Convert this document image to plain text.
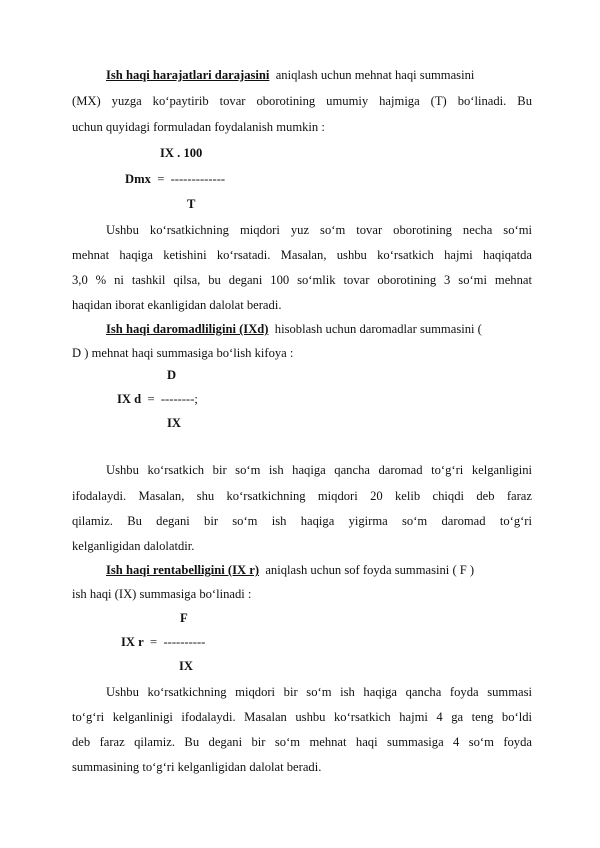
Ish haqi harajatlari darajasini aniqlash uchun mehnat haqi summasini
(MX) yuzga ko‘paytirib tovar oborotining umumiy hajmiga (T) bo‘linadi. Bu
uchun quyidagi formuladan foydalanish mumkin :
IX . 100
Dmx = -------------
T
Ushbu ko‘rsatkichning miqdori yuz so‘m tovar oborotining necha so‘mi
mehnat haqiga ketishini ko‘rsatadi. Masalan, ushbu ko‘rsatkich hajmi haqiqatda
3,0 % ni tashkil qilsa, bu degani 100 so‘mlik tovar oborotining 3 so‘mi mehnat
haqidan iborat ekanligidan dalolat beradi.
Ish haqi daromadliligini (IXd) hisoblash uchun daromadlar summasini (
D ) mehnat haqi summasiga bo‘lish kifoya :
D
IX d = --------;
IX
Ushbu ko‘rsatkich bir so‘m ish haqiga qancha daromad to‘g‘ri kelganligini
ifodalaydi. Masalan, shu ko‘rsatkichning miqdori 20 kelib chiqdi deb faraz
qilamiz. Bu degani bir so‘m ish haqiga yigirma so‘m daromad to‘g‘ri
kelganligidan dalolatdir.
Ish haqi rentabelligini (IX r) aniqlash uchun sof foyda summasini ( F )
ish haqi (IX) summasiga bo‘linadi :
F
IX r = ----------
IX
Ushbu ko‘rsatkichning miqdori bir so‘m ish haqiga qancha foyda summasi
to‘g‘ri kelganlinigi ifodalaydi. Masalan ushbu ko‘rsatkich hajmi 4 ga teng bo‘ldi
deb faraz qilamiz. Bu degani bir so‘m mehnat haqi summasiga 4 so‘m foyda
summasining to‘g‘ri kelganligidan dalolat beradi.
